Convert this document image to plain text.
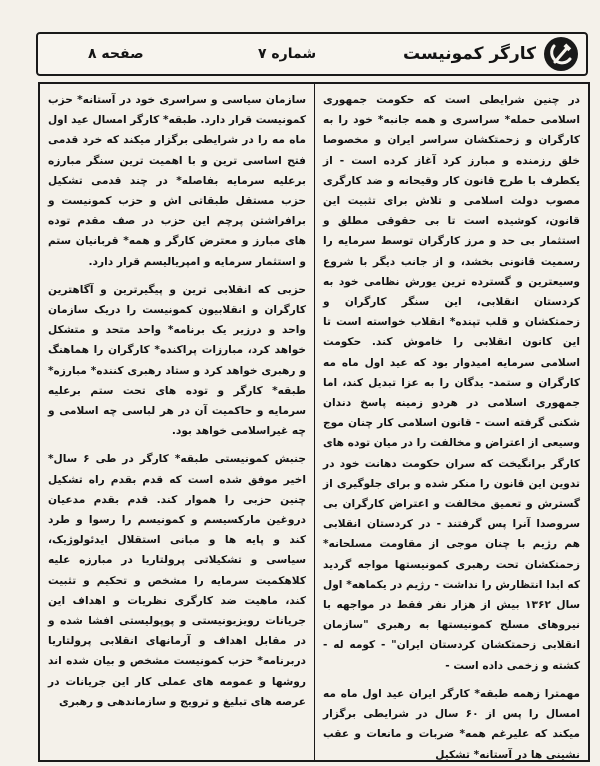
کارگر کمونیست
شماره ۷
صفحه ۸

در چنین شرایطی است که حکومت جمهوری اسلامی حمله* سراسری و همه جانبه* خود را به کارگران و زحمتکشان سراسر ایران و مخصوصا خلق رزمنده و مبارز کرد آغاز کرده است - از یکطرف با طرح قانون کار وقیحانه و ضد کارگری مصوب دولت اسلامی و تلاش برای تثبیت این قانون، کوشیده است تا بی حقوقی مطلق و استثمار بی حد و مرز کارگران توسط سرمایه را رسمیت قانونی بخشد، و از جانب دیگر با شروع وسیعترین و گسترده ترین یورش نظامی خود به کردستان انقلابی، این سنگر کارگران و زحمتکشان و قلب تپنده* انقلاب خواسته است تا این کانون انقلابی را خاموش کند. حکومت اسلامی سرمایه امیدوار بود که عید اول ماه مه کارگران و ستمد- یدگان را به عزا تبدیل کند، اما جمهوری اسلامی در هردو زمینه پاسخ دندان شکنی گرفته است - قانون اسلامی کار چنان موج وسیعی از اعتراض و مخالفت را در میان توده های کارگر برانگیخت که سران حکومت دهانت خود در تدوین این قانون را منکر شده و برای جلوگیری از گسترش و تعمیق مخالفت و اعتراض کارگران بی سروصدا آنرا پس گرفتند - در کردستان انقلابی هم رژیم با چنان موجی از مقاومت مسلحانه* زحمتکشان تحت رهبری کمونیستها مواجه گردید که ابدا انتظارش را نداشت - رژیم در یکماهه* اول سال ۱۳۶۲ بیش از هزار نفر فقط در مواجهه با نیروهای مسلح کمونیستها به رهبری "سازمان انقلابی زحمتکشان کردستان ایران" - کومه له - کشته و زخمی داده است -

مهمترا زهمه طبقه* کارگر ایران عید اول ماه مه امسال را پس از ۶۰ سال در شرایطی برگزار میکند که علیرغم همه* ضربات و مانعات و عقب نشینی ها در آستانه* تشکیل

سازمان سیاسی و سراسری خود در آستانه* حزب کمونیست قرار دارد. طبقه* کارگر امسال عید اول ماه مه را در شرایطی برگزار میکند که خرد قدمی فتح اساسی ترین و با اهمیت ترین سنگر مبارزه برعلیه سرمایه بفاصله* در چند قدمی تشکیل حزب مستقل طبقاتی اش و حزب کمونیست و برافراشتن پرچم این حزب در صف مقدم توده های مبارز و معترض کارگر و همه* قربانیان ستم و استثمار سرمایه و امپریالیسم قرار دارد.

حزبی که انقلابی ترین و پیگیرترین و آگاهترین کارگران و انقلابیون کمونیست را دریک سازمان واحد و درزیر یک برنامه* واحد متحد و متشکل خواهد کرد، مبارزات پراکنده* کارگران را هماهنگ و رهبری خواهد کرد و ستاد رهبری کننده* مبارزه* طبقه* کارگر و توده های تحت ستم برعلیه سرمایه و حاکمیت آن در هر لباسی چه اسلامی و چه غیراسلامی خواهد بود.

جنبش کمونیستی طبقه* کارگر در طی ۶ سال* اخیر موفق شده است که قدم بقدم راه تشکیل چنین حزبی را هموار کند. قدم بقدم مدعیان دروغین مارکسیسم و کمونیسم را رسوا و طرد کند و پایه ها و مبانی استقلال ایدئولوژیک، سیاسی و تشکیلاتی پرولتاریا در مبارزه علیه کلاهکمیت سرمایه را مشخص و تحکیم و تثبیت کند، ماهیت ضد کارگری نظریات و اهداف این جریانات رویزیونیستی و پوپولیستی افشا شده و در مقابل اهداف و آرمانهای انقلابی پرولتاریا دربرنامه* حزب کمونیست مشخص و بیان شده اند روشها و عمومه های عملی کار این جریانات در عرصه های تبلیغ و ترویج و سازماندهی و رهبری
